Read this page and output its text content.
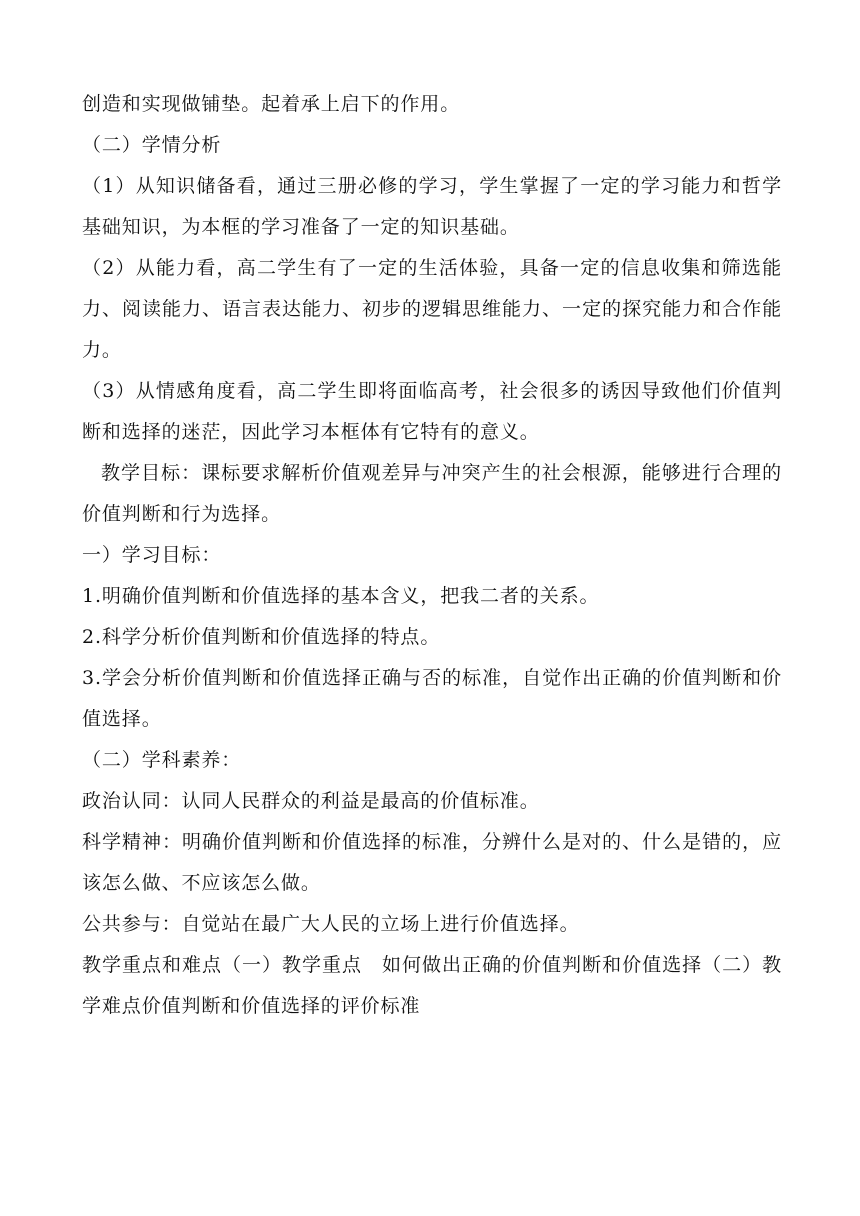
创造和实现做铺垫。起着承上启下的作用。

（二）学情分析

（1）从知识储备看，通过三册必修的学习，学生掌握了一定的学习能力和哲学基础知识，为本框的学习准备了一定的知识基础。

（2）从能力看，高二学生有了一定的生活体验，具备一定的信息收集和筛选能力、阅读能力、语言表达能力、初步的逻辑思维能力、一定的探究能力和合作能力。

（3）从情感角度看，高二学生即将面临高考，社会很多的诱因导致他们价值判断和选择的迷茫，因此学习本框体有它特有的意义。

教学目标：课标要求解析价值观差异与冲突产生的社会根源，能够进行合理的价值判断和行为选择。

一）学习目标：

1.明确价值判断和价值选择的基本含义，把我二者的关系。

2.科学分析价值判断和价值选择的特点。

3.学会分析价值判断和价值选择正确与否的标准，自觉作出正确的价值判断和价值选择。

（二）学科素养：

政治认同：认同人民群众的利益是最高的价值标准。

科学精神：明确价值判断和价值选择的标准，分辨什么是对的、什么是错的，应该怎么做、不应该怎么做。

公共参与：自觉站在最广大人民的立场上进行价值选择。

教学重点和难点（一）教学重点　如何做出正确的价值判断和价值选择（二）教学难点价值判断和价值选择的评价标准
